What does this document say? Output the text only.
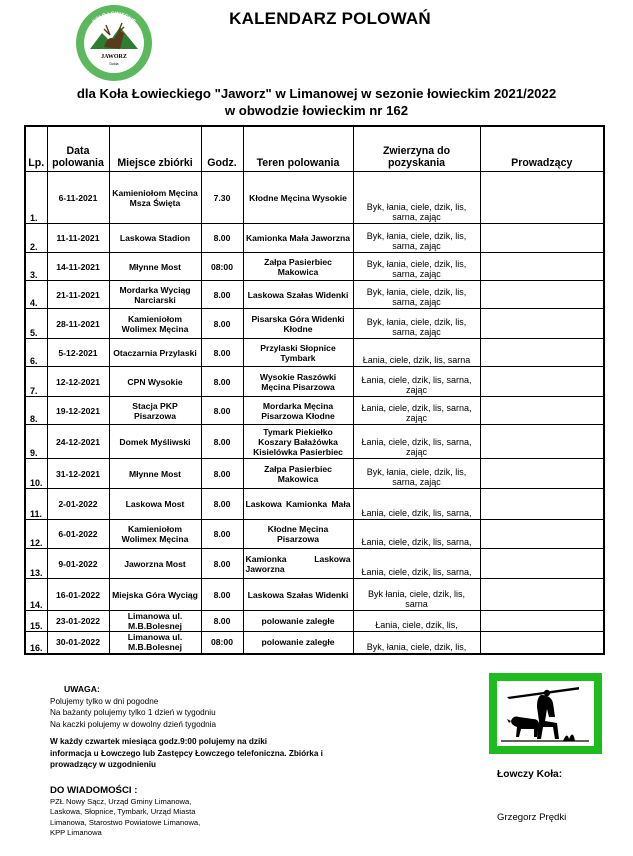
JAWORZ
Dukla
KOŁO ŁOWIECKIE
W LIMANOWEJ
KALENDARZ POLOWAŃ
dla Koła Łowieckiego "Jaworz" w Limanowej w sezonie łowieckim 2021/2022
w obwodzie łowieckim nr 162
Lp.	Data polowania	Miejsce zbiórki	Godz.	Teren polowania	Zwierzyna do pozyskania	Prowadzący
1.	6-11-2021	Kamieniołom Męcina Msza Święta	7.30	Kłodne Męcina Wysokie	Byk, łania, ciele, dzik, lis, sarna, zając	
2.	11-11-2021	Laskowa Stadion	8.00	Kamionka Mała Jaworzna	Byk, łania, ciele, dzik, lis, sarna, zając	
3.	14-11-2021	Młynne Most	08:00	Załpa Pasierbiec Makowica	Byk, łania, ciele, dzik, lis, sarna, zając	
4.	21-11-2021	Mordarka Wyciąg Narciarski	8.00	Laskowa Szałas Widenki	Byk, łania, ciele, dzik, lis, sarna, zając	
5.	28-11-2021	Kamieniołom Wolimex Męcina	8.00	Pisarska Góra Widenki Kłodne	Byk, łania, ciele, dzik, lis, sarna, zając	
6.	5-12-2021	Otaczarnia Przylaski	8.00	Przylaski Słopnice Tymbark	Łania, ciele, dzik, lis, sarna	
7.	12-12-2021	CPN Wysokie	8.00	Wysokie Raszówki Męcina Pisarzowa	Łania, ciele, dzik, lis, sarna, zając	
8.	19-12-2021	Stacja PKP Pisarzowa	8.00	Mordarka Męcina Pisarzowa Kłodne	Łania, ciele, dzik, lis, sarna, zając	
9.	24-12-2021	Domek Myśliwski	8.00	Tymark Piekiełko Koszary Bałażówka Kisielówka Pasierbiec	Łania, ciele, dzik, lis, sarna, zając	
10.	31-12-2021	Młynne Most	8.00	Załpa Pasierbiec Makowica	Byk, łania, ciele, dzik, lis, sarna, zając	
11.	2-01-2022	Laskowa Most	8.00	Laskowa Kamionka Mała	Łania, ciele, dzik, lis, sarna,	
12.	6-01-2022	Kamieniołom Wolimex Męcina	8.00	Kłodne Męcina Pisarzowa	Łania, ciele, dzik, lis, sarna,	
13.	9-01-2022	Jaworzna Most	8.00	Kamionka Laskowa Jaworzna	Łania, ciele, dzik, lis, sarna,	
14.	16-01-2022	Miejska Góra Wyciąg	8.00	Laskowa Szałas Widenki	Byk łania, ciele, dzik, lis, sarna	
15.	23-01-2022	Limanowa ul. M.B.Bolesnej	8.00	polowanie zaległe	Łania, ciele, dzik, lis,	
16.	30-01-2022	Limanowa ul. M.B.Bolesnej	08:00	polowanie zaległe	Byk, łania, ciele, dzik, lis,	
UWAGA:
Polujemy tylko w dni pogodne
Na bażanty polujemy tylko 1 dzień w tygodniu
Na kaczki polujemy w dowolny dzień tygodnia
W każdy czwartek miesiąca godz.9:00 polujemy na dziki
informacja u Łowczego lub Zastępcy Łowczego telefoniczna. Zbiórka i
prowadzący w uzgodnieniu
DO WIADOMOŚCI :
PZŁ Nowy Sącz, Urząd Gminy Limanowa,
Laskowa, Słopnice, Tymbark, Urząd Miasta
Limanowa, Starostwo Powiatowe Limanowa,
KPP Limanowa
Łowczy Koła:
Grzegorz Prędki
